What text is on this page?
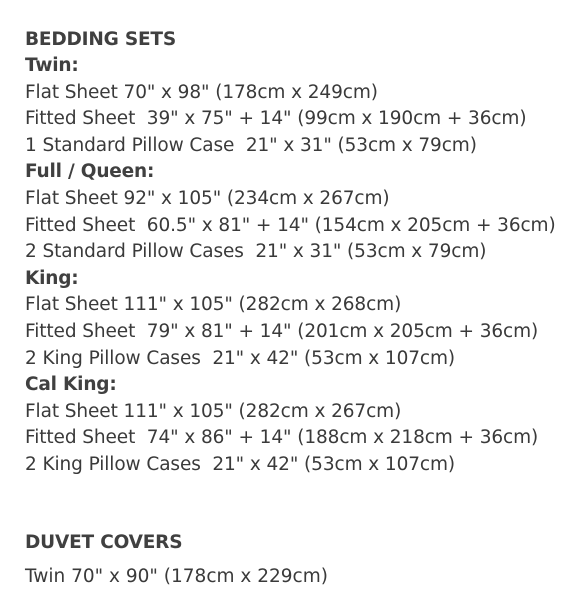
BEDDING SETS
Twin:
Flat Sheet 70" x 98" (178cm x 249cm)
Fitted Sheet  39" x 75" + 14" (99cm x 190cm + 36cm)
1 Standard Pillow Case  21" x 31" (53cm x 79cm)
Full / Queen:
Flat Sheet 92" x 105" (234cm x 267cm)
Fitted Sheet  60.5" x 81" + 14" (154cm x 205cm + 36cm)
2 Standard Pillow Cases  21" x 31" (53cm x 79cm)
King:
Flat Sheet 111" x 105" (282cm x 268cm)
Fitted Sheet  79" x 81" + 14" (201cm x 205cm + 36cm)
2 King Pillow Cases  21" x 42" (53cm x 107cm)
Cal King:
Flat Sheet 111" x 105" (282cm x 267cm)
Fitted Sheet  74" x 86" + 14" (188cm x 218cm + 36cm)
2 King Pillow Cases  21" x 42" (53cm x 107cm)
DUVET COVERS
Twin 70" x 90" (178cm x 229cm)
